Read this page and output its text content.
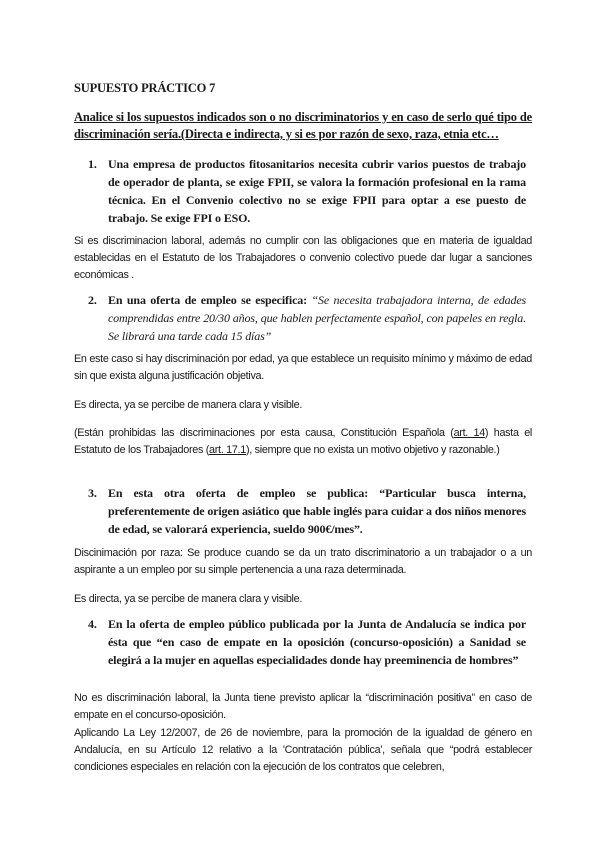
SUPUESTO PRÁCTICO 7
Analice si los supuestos indicados son o no discriminatorios y en caso de serlo qué tipo de discriminación sería.(Directa e indirecta, y si es por razón de sexo, raza, etnia etc…
1. Una empresa de productos fitosanitarios necesita cubrir varios puestos de trabajo de operador de planta, se exige FPII, se valora la formación profesional en la rama técnica. En el Convenio colectivo no se exige FPII para optar a ese puesto de trabajo. Se exige FPI o ESO.
Si es discriminacion laboral, además no cumplir con las obligaciones que en materia de igualdad establecidas en el Estatuto de los Trabajadores o convenio colectivo puede dar lugar a sanciones económicas .
2. En una oferta de empleo se especifica: “Se necesita trabajadora interna, de edades comprendidas entre 20/30 años, que hablen perfectamente español, con papeles en regla. Se librará una tarde cada 15 días”
En este caso si hay discriminación por edad, ya que establece un requisito mínimo y máximo de edad sin que exista alguna justificación objetiva.
Es directa, ya se percibe de manera clara y visible.
(Están prohibidas las discriminaciones por esta causa, Constitución Española (art. 14) hasta el Estatuto de los Trabajadores (art. 17.1), siempre que no exista un motivo objetivo y razonable.)
3. En esta otra oferta de empleo se publica: “Particular busca interna, preferentemente de origen asiático que hable inglés para cuidar a dos niños menores de edad, se valorará experiencia, sueldo 900€/mes”.
Discinimación por raza: Se produce cuando se da un trato discriminatorio a un trabajador o a un aspirante a un empleo por su simple pertenencia a una raza determinada.
Es directa, ya se percibe de manera clara y visible.
4. En la oferta de empleo público publicada por la Junta de Andalucía se indica por ésta que “en caso de empate en la oposición (concurso-oposición) a Sanidad se elegirá a la mujer en aquellas especialidades donde hay preeminencia de hombres”
No es discriminación laboral, la Junta tiene previsto aplicar la “discriminación positiva” en caso de empate en el concurso-oposición.
Aplicando La Ley 12/2007, de 26 de noviembre, para la promoción de la igualdad de género en Andalucía, en su Artículo 12 relativo a la 'Contratación pública', señala que “podrá establecer condiciones especiales en relación con la ejecución de los contratos que celebren,
